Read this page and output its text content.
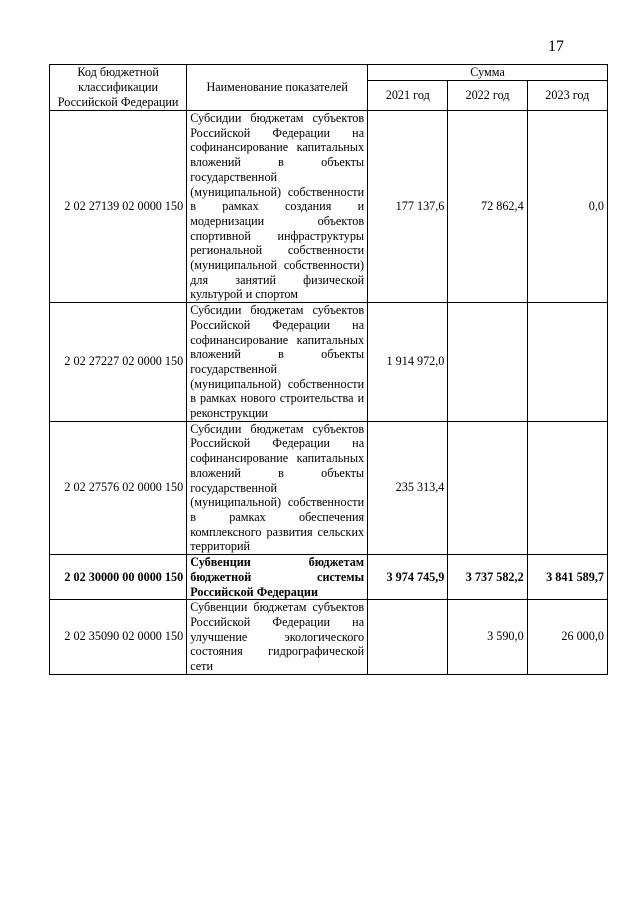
17
Код бюджетной классификации Российской Федерации	Наименование показателей	Сумма		
		2021 год	2022 год	2023 год
2 02 27139 02 0000 150	Субсидии бюджетам субъектов Российской Федерации на софинансирование капитальных вложений в объекты государственной (муниципальной) собственности в рамках создания и модернизации объектов спортивной инфраструктуры региональной собственности (муниципальной собственности) для занятий физической культурой и спортом	177 137,6	72 862,4	0,0
2 02 27227 02 0000 150	Субсидии бюджетам субъектов Российской Федерации на софинансирование капитальных вложений в объекты государственной (муниципальной) собственности в рамках нового строительства и реконструкции	1 914 972,0		
2 02 27576 02 0000 150	Субсидии бюджетам субъектов Российской Федерации на софинансирование капитальных вложений в объекты государственной (муниципальной) собственности в рамках обеспечения комплексного развития сельских территорий	235 313,4		
2 02 30000 00 0000 150	Субвенции бюджетам бюджетной системы Российской Федерации	3 974 745,9	3 737 582,2	3 841 589,7
2 02 35090 02 0000 150	Субвенции бюджетам субъектов Российской Федерации на улучшение экологического состояния гидрографической сети		3 590,0	26 000,0
